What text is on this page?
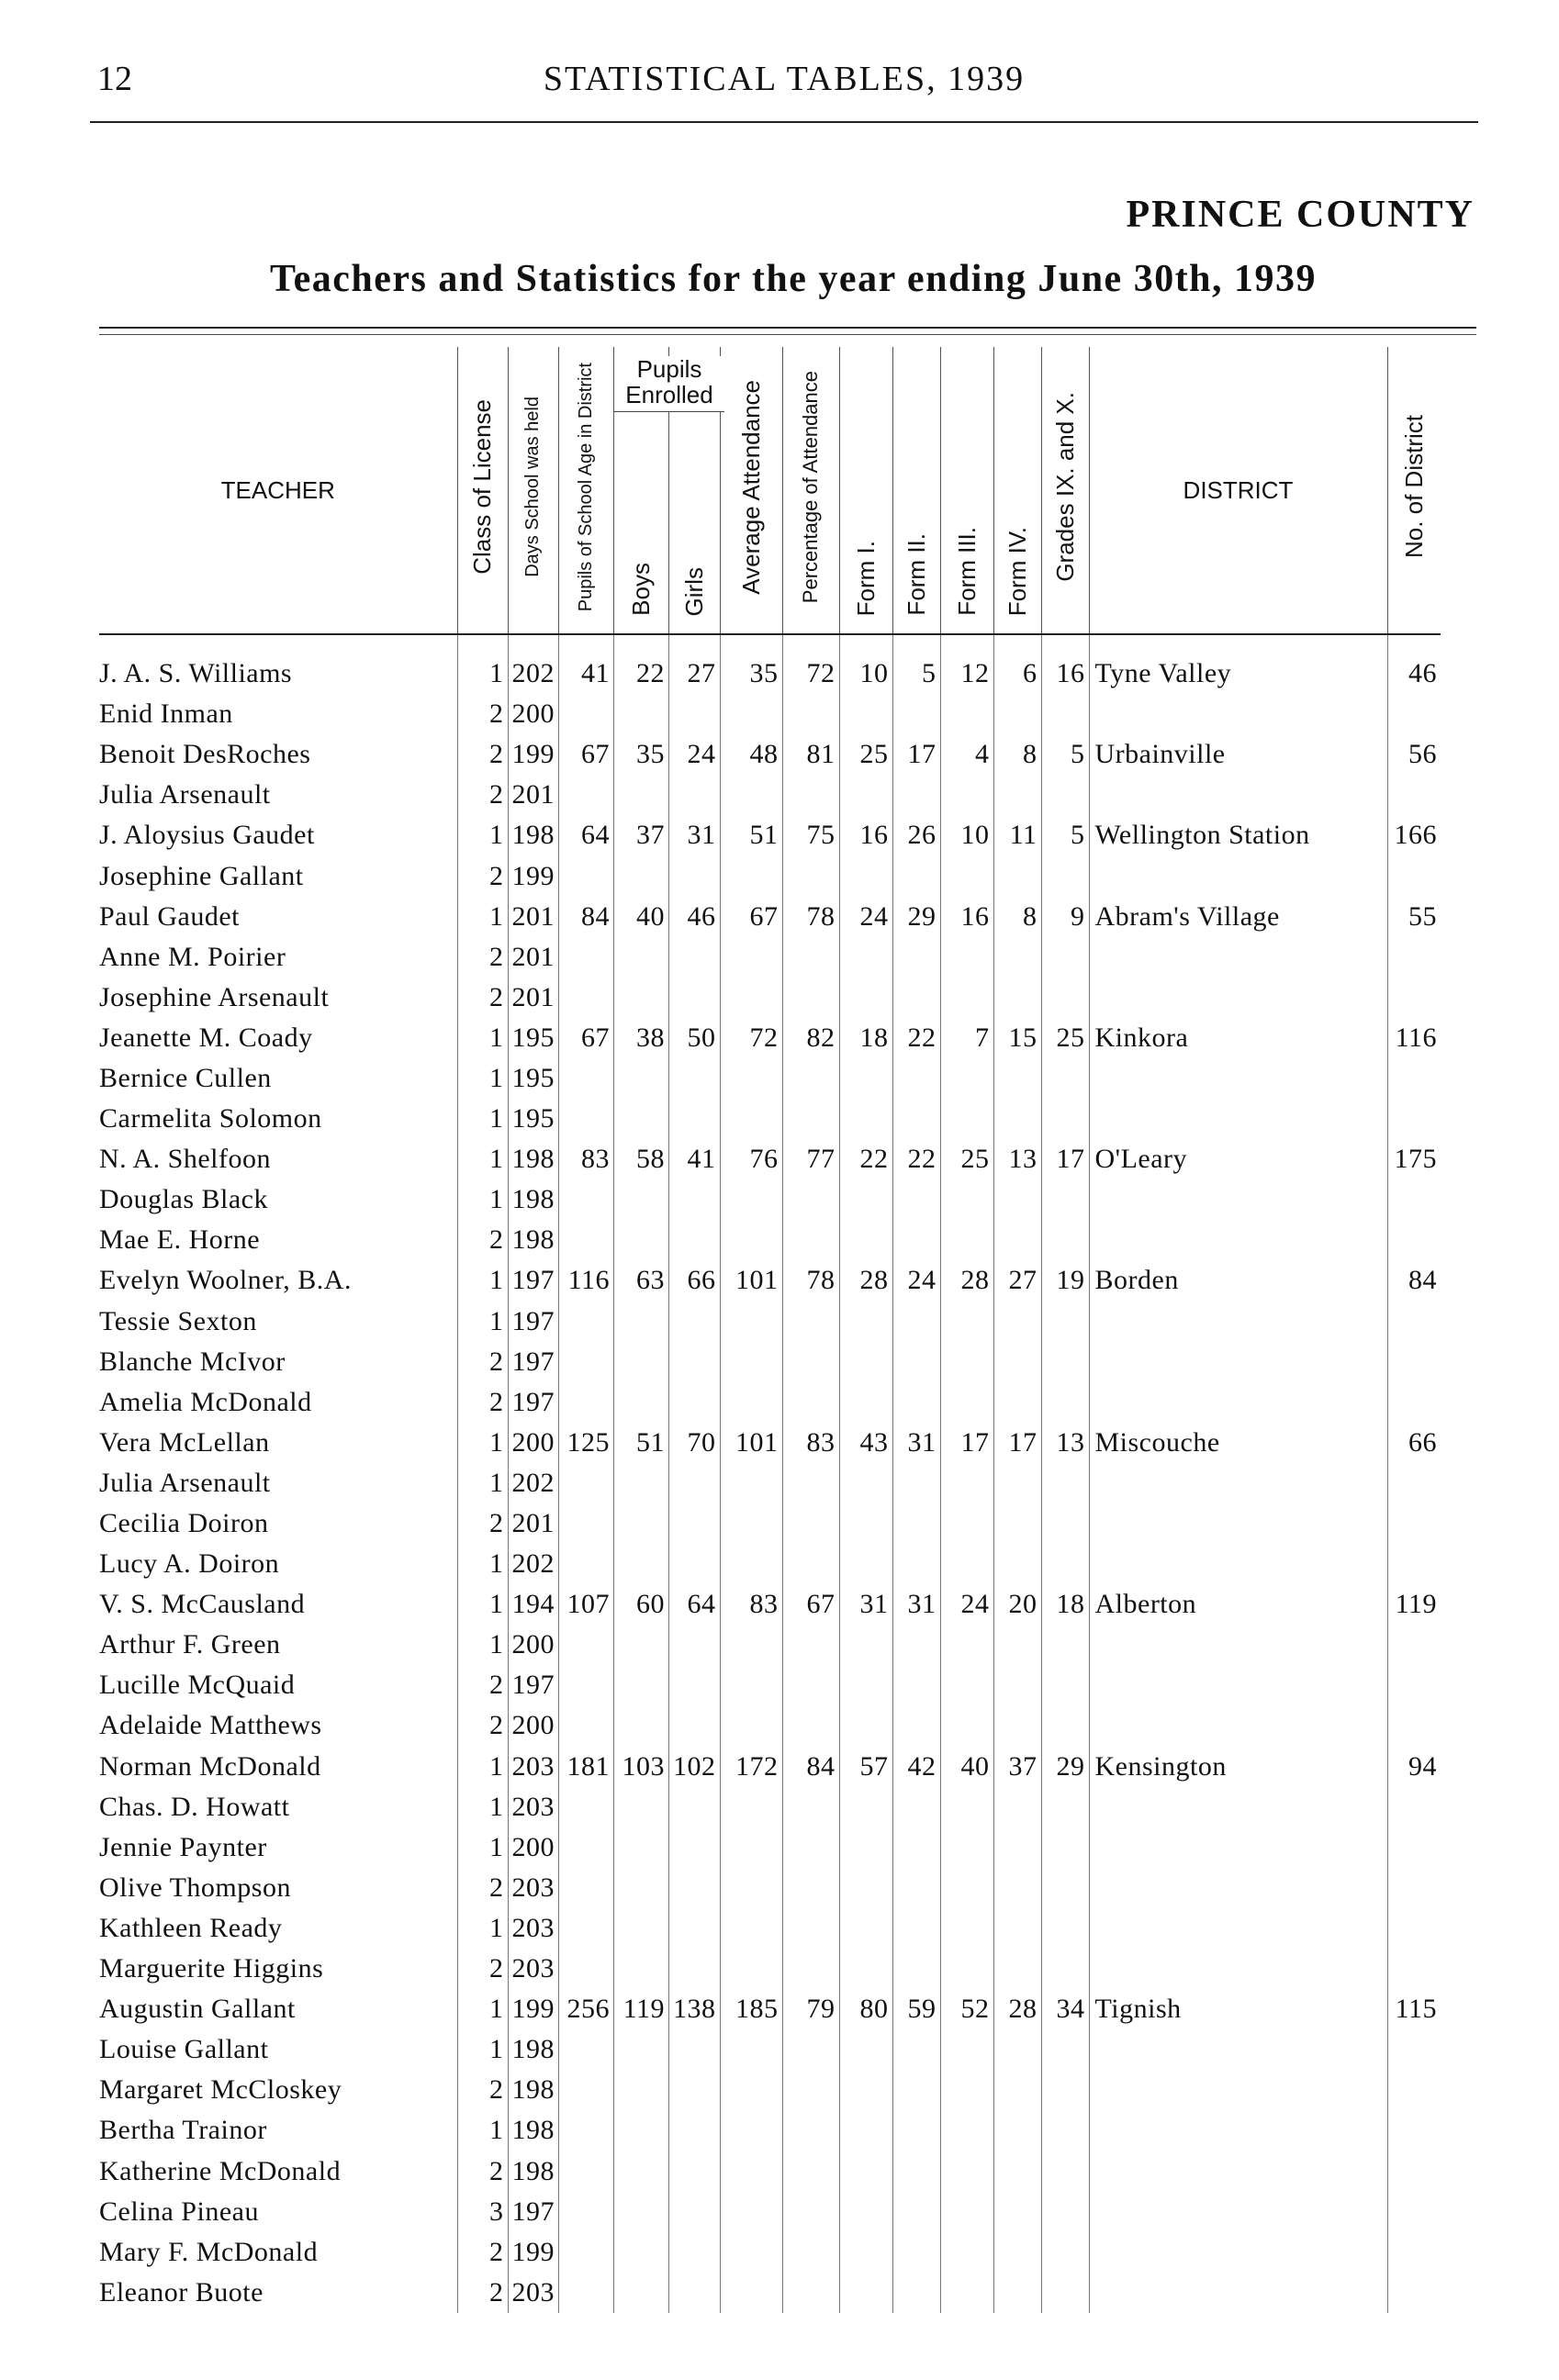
12	STATISTICAL TABLES, 1939
PRINCE COUNTY
Teachers and Statistics for the year ending June 30th, 1939
TEACHER	Class of License	Days School was held	Pupils of School Age in District	Pupils Enrolled
Boys	Girls	Average Attendance	Percentage of Attendance	Form I.	Form II.	Form III.	Form IV.	Grades IX. and X.	DISTRICT	No. of District

J. A. S. Williams	1	202	41	22	27	35	72	10	5	12	6	16	Tyne Valley	46
Enid Inman	2	200												
Benoit DesRoches	2	199	67	35	24	48	81	25	17	4	8	5	Urbainville	56
Julia Arsenault	2	201												
J. Aloysius Gaudet	1	198	64	37	31	51	75	16	26	10	11	5	Wellington Station	166
Josephine Gallant	2	199												
Paul Gaudet	1	201	84	40	46	67	78	24	29	16	8	9	Abram's Village	55
Anne M. Poirier	2	201												
Josephine Arsenault	2	201												
Jeanette M. Coady	1	195	67	38	50	72	82	18	22	7	15	25	Kinkora	116
Bernice Cullen	1	195												
Carmelita Solomon	1	195												
N. A. Shelfoon	1	198	83	58	41	76	77	22	22	25	13	17	O'Leary	175
Douglas Black	1	198												
Mae E. Horne	2	198												
Evelyn Woolner, B.A.	1	197	116	63	66	101	78	28	24	28	27	19	Borden	84
Tessie Sexton	1	197												
Blanche McIvor	2	197												
Amelia McDonald	2	197												
Vera McLellan	1	200	125	51	70	101	83	43	31	17	17	13	Miscouche	66
Julia Arsenault	1	202												
Cecilia Doiron	2	201												
Lucy A. Doiron	1	202												
V. S. McCausland	1	194	107	60	64	83	67	31	31	24	20	18	Alberton	119
Arthur F. Green	1	200												
Lucille McQuaid	2	197												
Adelaide Matthews	2	200												
Norman McDonald	1	203	181	103	102	172	84	57	42	40	37	29	Kensington	94
Chas. D. Howatt	1	203												
Jennie Paynter	1	200												
Olive Thompson	2	203												
Kathleen Ready	1	203												
Marguerite Higgins	2	203												
Augustin Gallant	1	199	256	119	138	185	79	80	59	52	28	34	Tignish	115
Louise Gallant	1	198												
Margaret McCloskey	2	198												
Bertha Trainor	1	198												
Katherine McDonald	2	198												
Celina Pineau	3	197												
Mary F. McDonald	2	199												
Eleanor Buote	2	203												
